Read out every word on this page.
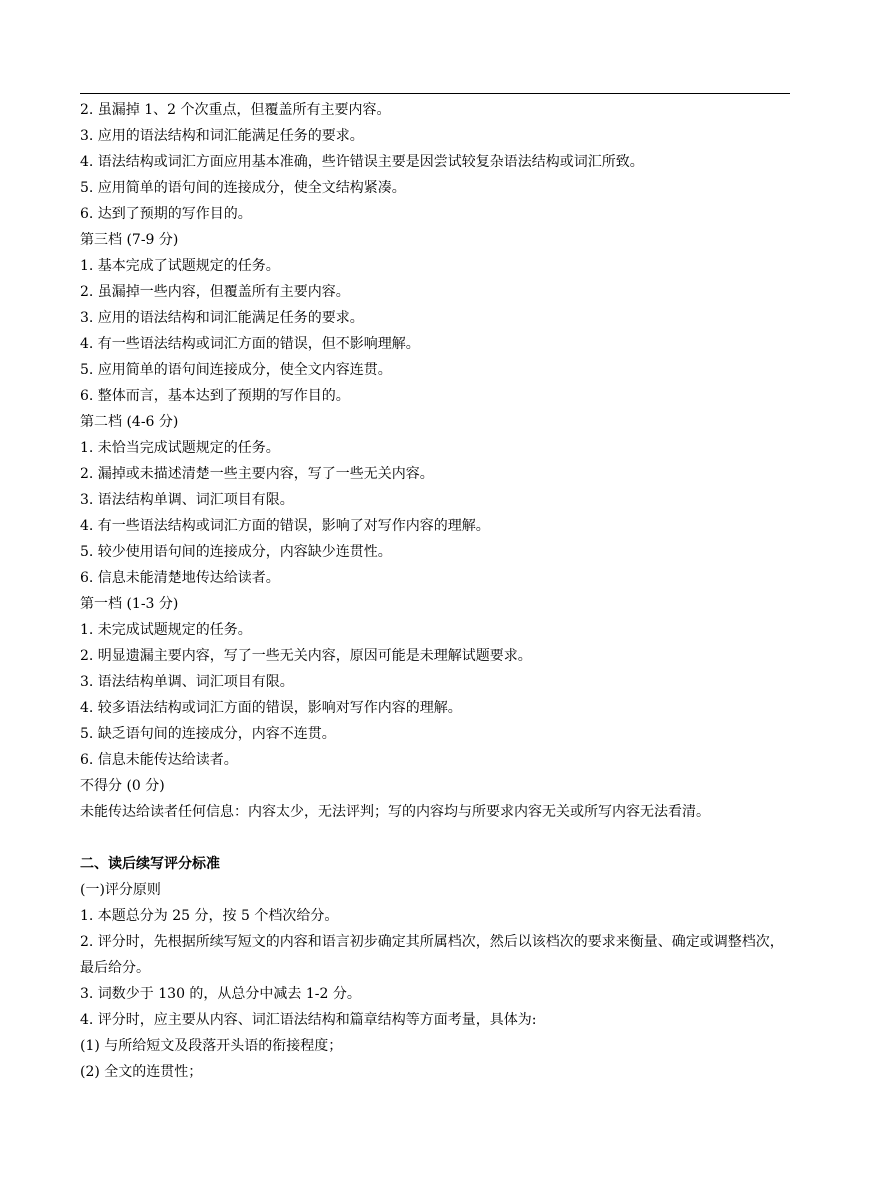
2. 虽漏掉 1、2 个次重点，但覆盖所有主要内容。
3. 应用的语法结构和词汇能满足任务的要求。
4. 语法结构或词汇方面应用基本准确，些许错误主要是因尝试较复杂语法结构或词汇所致。
5. 应用简单的语句间的连接成分，使全文结构紧凑。
6. 达到了预期的写作目的。
第三档 (7-9 分)
1. 基本完成了试题规定的任务。
2. 虽漏掉一些内容，但覆盖所有主要内容。
3. 应用的语法结构和词汇能满足任务的要求。
4. 有一些语法结构或词汇方面的错误，但不影响理解。
5. 应用简单的语句间连接成分，使全文内容连贯。
6. 整体而言，基本达到了预期的写作目的。
第二档 (4-6 分)
1. 未恰当完成试题规定的任务。
2. 漏掉或未描述清楚一些主要内容，写了一些无关内容。
3. 语法结构单调、词汇项目有限。
4. 有一些语法结构或词汇方面的错误，影响了对写作内容的理解。
5. 较少使用语句间的连接成分，内容缺少连贯性。
6. 信息未能清楚地传达给读者。
第一档 (1-3 分)
1. 未完成试题规定的任务。
2. 明显遗漏主要内容，写了一些无关内容，原因可能是未理解试题要求。
3. 语法结构单调、词汇项目有限。
4. 较多语法结构或词汇方面的错误，影响对写作内容的理解。
5. 缺乏语句间的连接成分，内容不连贯。
6. 信息未能传达给读者。
不得分 (0 分)
未能传达给读者任何信息：内容太少，无法评判；写的内容均与所要求内容无关或所写内容无法看清。
二、读后续写评分标准
(一)评分原则
1. 本题总分为 25 分，按 5 个档次给分。
2. 评分时，先根据所续写短文的内容和语言初步确定其所属档次，然后以该档次的要求来衡量、确定或调整档次，最后给分。
3. 词数少于 130 的，从总分中减去 1-2 分。
4. 评分时，应主要从内容、词汇语法结构和篇章结构等方面考量，具体为:
(1) 与所给短文及段落开头语的衔接程度；
(2) 全文的连贯性；
